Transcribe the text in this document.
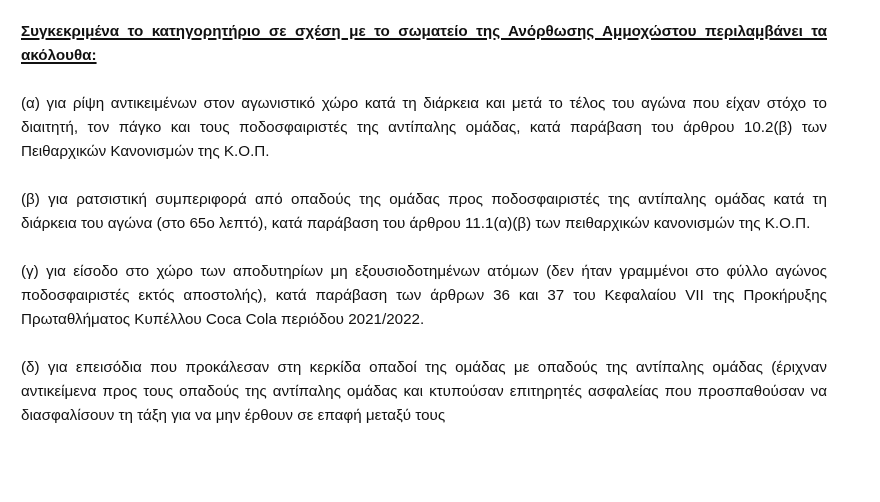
Συγκεκριμένα το κατηγορητήριο σε σχέση με το σωματείο της Ανόρθωσης Αμμοχώστου περιλαμβάνει τα ακόλουθα:

(α) για ρίψη αντικειμένων στον αγωνιστικό χώρο κατά τη διάρκεια και μετά το τέλος του αγώνα που είχαν στόχο το διαιτητή, τον πάγκο και τους ποδοσφαιριστές της αντίπαλης ομάδας, κατά παράβαση του άρθρου 10.2(β) των Πειθαρχικών Κανονισμών της Κ.Ο.Π.

(β) για ρατσιστική συμπεριφορά από οπαδούς της ομάδας προς ποδοσφαιριστές της αντίπαλης ομάδας κατά τη διάρκεια του αγώνα (στο 65ο λεπτό), κατά παράβαση του άρθρου 11.1(α)(β) των πειθαρχικών κανονισμών της Κ.Ο.Π.

(γ) για είσοδο στο χώρο των αποδυτηρίων μη εξουσιοδοτημένων ατόμων (δεν ήταν γραμμένοι στο φύλλο αγώνος ποδοσφαιριστές εκτός αποστολής), κατά παράβαση των άρθρων 36 και 37 του Κεφαλαίου VII της Προκήρυξης Πρωταθλήματος Κυπέλλου Coca Cola περιόδου 2021/2022.

(δ) για επεισόδια που προκάλεσαν στη κερκίδα οπαδοί της ομάδας με οπαδούς της αντίπαλης ομάδας (έριχναν αντικείμενα προς τους οπαδούς της αντίπαλης ομάδας και κτυπούσαν επιτηρητές ασφαλείας που προσπαθούσαν να διασφαλίσουν τη τάξη για να μην έρθουν σε επαφή μεταξύ τους
